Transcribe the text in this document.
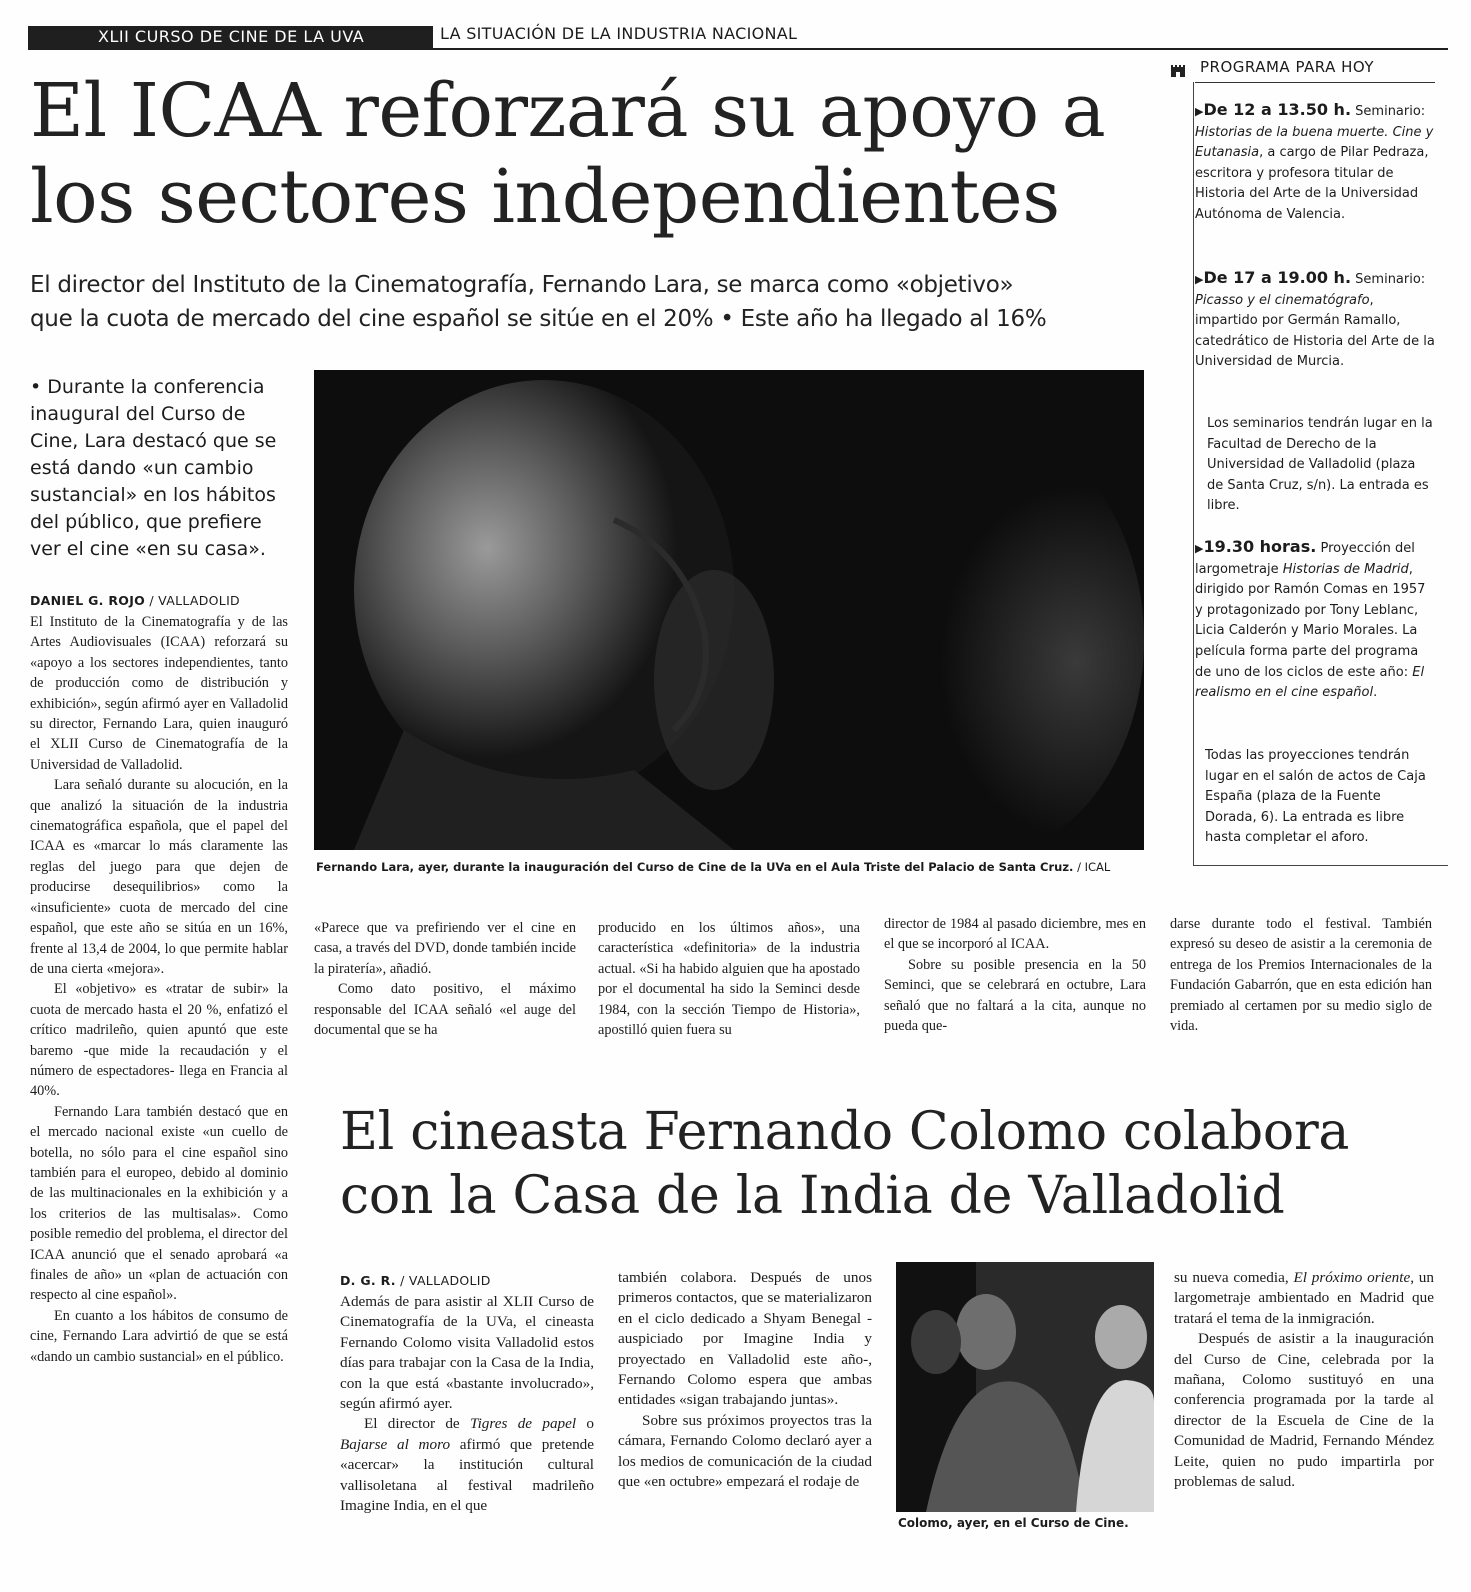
XLII CURSO DE CINE DE LA UVA	LA SITUACIÓN DE LA INDUSTRIA NACIONAL
El ICAA reforzará su apoyo a
los sectores independientes
El director del Instituto de la Cinematografía, Fernando Lara, se marca como «objetivo»
que la cuota de mercado del cine español se sitúe en el 20% • Este año ha llegado al 16%
• Durante la conferencia inaugural del Curso de Cine, Lara destacó que se está dando «un cambio sustancial» en los hábitos del público, que prefiere ver el cine «en su casa».
DANIEL G. ROJO / VALLADOLID

El Instituto de la Cinematografía y de las Artes Audiovisuales (ICAA) reforzará su «apoyo a los sectores independientes, tanto de producción como de distribución y exhibición», según afirmó ayer en Valladolid su director, Fernando Lara, quien inauguró el XLII Curso de Cinematografía de la Universidad de Valladolid.

Lara señaló durante su alocución, en la que analizó la situación de la industria cinematográfica española, que el papel del ICAA es «marcar lo más claramente las reglas del juego para que dejen de producirse desequilibrios» como la «insuficiente» cuota de mercado del cine español, que este año se sitúa en un 16%, frente al 13,4 de 2004, lo que permite hablar de una cierta «mejora».

El «objetivo» es «tratar de subir» la cuota de mercado hasta el 20 %, enfatizó el crítico madrileño, quien apuntó que este baremo -que mide la recaudación y el número de espectadores- llega en Francia al 40%.

Fernando Lara también destacó que en el mercado nacional existe «un cuello de botella, no sólo para el cine español sino también para el europeo, debido al dominio de las multinacionales en la exhibición y a los criterios de las multisalas». Como posible remedio del problema, el director del ICAA anunció que el senado aprobará «a finales de año» un «plan de actuación con respecto al cine español».

En cuanto a los hábitos de consumo de cine, Fernando Lara advirtió de que se está «dando un cambio sustancial» en el público.

Fernando Lara, ayer, durante la inauguración del Curso de Cine de la UVa en el Aula Triste del Palacio de Santa Cruz. / ICAL

«Parece que va prefiriendo ver el cine en casa, a través del DVD, donde también incide la piratería», añadió.

Como dato positivo, el máximo responsable del ICAA señaló «el auge del documental que se ha

producido en los últimos años», una característica «definitoria» de la industria actual. «Si ha habido alguien que ha apostado por el documental ha sido la Seminci desde 1984, con la sección Tiempo de Historia», apostilló quien fuera su

director de 1984 al pasado diciembre, mes en el que se incorporó al ICAA.

Sobre su posible presencia en la 50 Seminci, que se celebrará en octubre, Lara señaló que no faltará a la cita, aunque no pueda que-

darse durante todo el festival. También expresó su deseo de asistir a la ceremonia de entrega de los Premios Internacionales de la Fundación Gabarrón, que en esta edición han premiado al certamen por su medio siglo de vida.

PROGRAMA PARA HOY
▶De 12 a 13.50 h. Seminario: Historias de la buena muerte. Cine y Eutanasia, a cargo de Pilar Pedraza, escritora y profesora titular de Historia del Arte de la Universidad Autónoma de Valencia.
▶De 17 a 19.00 h. Seminario: Picasso y el cinematógrafo, impartido por Germán Ramallo, catedrático de Historia del Arte de la Universidad de Murcia.
Los seminarios tendrán lugar en la Facultad de Derecho de la Universidad de Valladolid (plaza de Santa Cruz, s/n). La entrada es libre.
▶19.30 horas. Proyección del largometraje Historias de Madrid, dirigido por Ramón Comas en 1957 y protagonizado por Tony Leblanc, Licia Calderón y Mario Morales. La película forma parte del programa de uno de los ciclos de este año: El realismo en el cine español.
Todas las proyecciones tendrán lugar en el salón de actos de Caja España (plaza de la Fuente Dorada, 6). La entrada es libre hasta completar el aforo.
El cineasta Fernando Colomo colabora
con la Casa de la India de Valladolid
D. G. R. / VALLADOLID

Además de para asistir al XLII Curso de Cinematografía de la UVa, el cineasta Fernando Colomo visita Valladolid estos días para trabajar con la Casa de la India, con la que está «bastante involucrado», según afirmó ayer.

El director de Tigres de papel o Bajarse al moro afirmó que pretende «acercar» la institución cultural vallisoletana al festival madrileño Imagine India, en el que

también colabora. Después de unos primeros contactos, que se materializaron en el ciclo dedicado a Shyam Benegal -auspiciado por Imagine India y proyectado en Valladolid este año-, Fernando Colomo espera que ambas entidades «sigan trabajando juntas».

Sobre sus próximos proyectos tras la cámara, Fernando Colomo declaró ayer a los medios de comunicación de la ciudad que «en octubre» empezará el rodaje de

Colomo, ayer, en el Curso de Cine.

su nueva comedia, El próximo oriente, un largometraje ambientado en Madrid que tratará el tema de la inmigración.

Después de asistir a la inauguración del Curso de Cine, celebrada por la mañana, Colomo sustituyó en una conferencia programada por la tarde al director de la Escuela de Cine de la Comunidad de Madrid, Fernando Méndez Leite, quien no pudo impartirla por problemas de salud.
